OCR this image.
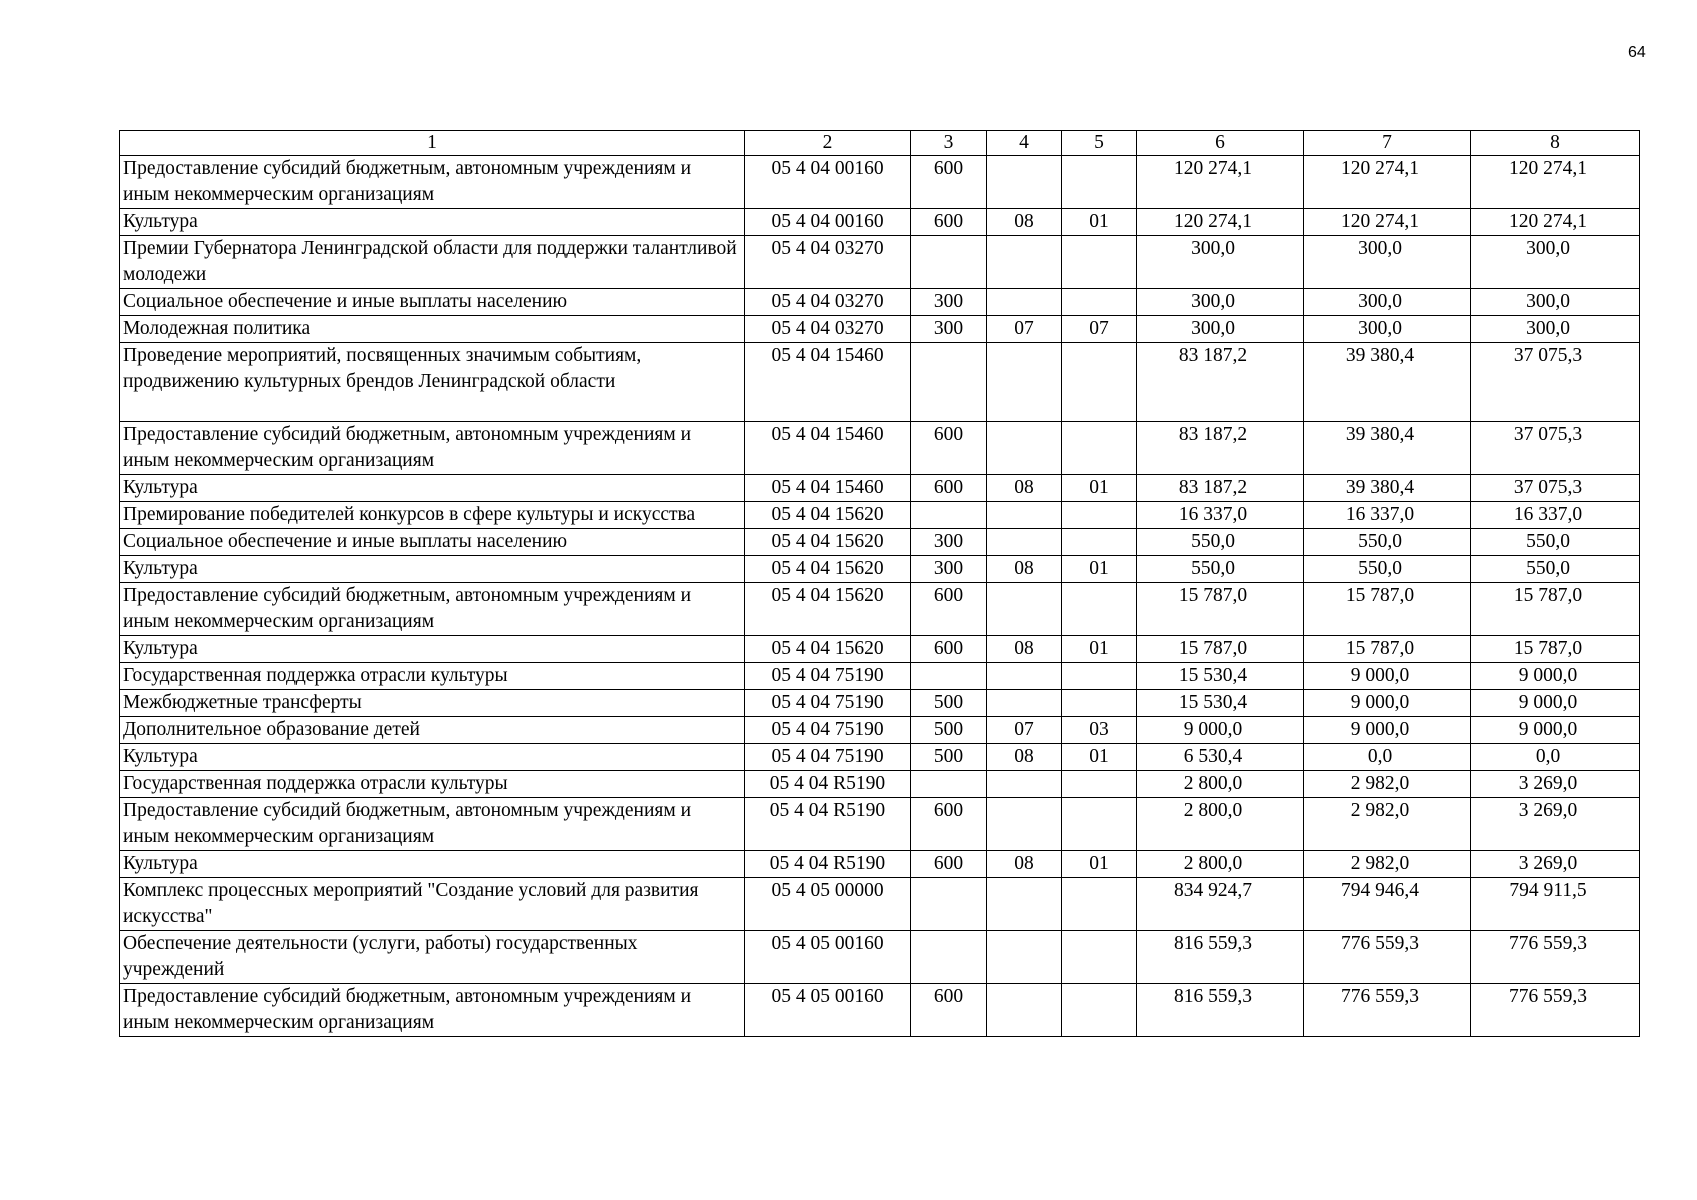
64
1	2	3	4	5	6	7	8
Предоставление субсидий бюджетным, автономным учреждениям и иным некоммерческим организациям	05 4 04 00160	600			120 274,1	120 274,1	120 274,1
Культура	05 4 04 00160	600	08	01	120 274,1	120 274,1	120 274,1
Премии Губернатора Ленинградской области для поддержки талантливой молодежи	05 4 04 03270				300,0	300,0	300,0
Социальное обеспечение и иные выплаты населению	05 4 04 03270	300			300,0	300,0	300,0
Молодежная политика	05 4 04 03270	300	07	07	300,0	300,0	300,0
Проведение мероприятий, посвященных значимым событиям, продвижению культурных брендов Ленинградской области	05 4 04 15460				83 187,2	39 380,4	37 075,3
Предоставление субсидий бюджетным, автономным учреждениям и иным некоммерческим организациям	05 4 04 15460	600			83 187,2	39 380,4	37 075,3
Культура	05 4 04 15460	600	08	01	83 187,2	39 380,4	37 075,3
Премирование победителей конкурсов в сфере культуры и искусства	05 4 04 15620				16 337,0	16 337,0	16 337,0
Социальное обеспечение и иные выплаты населению	05 4 04 15620	300			550,0	550,0	550,0
Культура	05 4 04 15620	300	08	01	550,0	550,0	550,0
Предоставление субсидий бюджетным, автономным учреждениям и иным некоммерческим организациям	05 4 04 15620	600			15 787,0	15 787,0	15 787,0
Культура	05 4 04 15620	600	08	01	15 787,0	15 787,0	15 787,0
Государственная поддержка отрасли культуры	05 4 04 75190				15 530,4	9 000,0	9 000,0
Межбюджетные трансферты	05 4 04 75190	500			15 530,4	9 000,0	9 000,0
Дополнительное образование детей	05 4 04 75190	500	07	03	9 000,0	9 000,0	9 000,0
Культура	05 4 04 75190	500	08	01	6 530,4	0,0	0,0
Государственная поддержка отрасли культуры	05 4 04 R5190				2 800,0	2 982,0	3 269,0
Предоставление субсидий бюджетным, автономным учреждениям и иным некоммерческим организациям	05 4 04 R5190	600			2 800,0	2 982,0	3 269,0
Культура	05 4 04 R5190	600	08	01	2 800,0	2 982,0	3 269,0
Комплекс процессных мероприятий "Создание условий для развития искусства"	05 4 05 00000				834 924,7	794 946,4	794 911,5
Обеспечение деятельности (услуги, работы) государственных учреждений	05 4 05 00160				816 559,3	776 559,3	776 559,3
Предоставление субсидий бюджетным, автономным учреждениям и иным некоммерческим организациям	05 4 05 00160	600			816 559,3	776 559,3	776 559,3
